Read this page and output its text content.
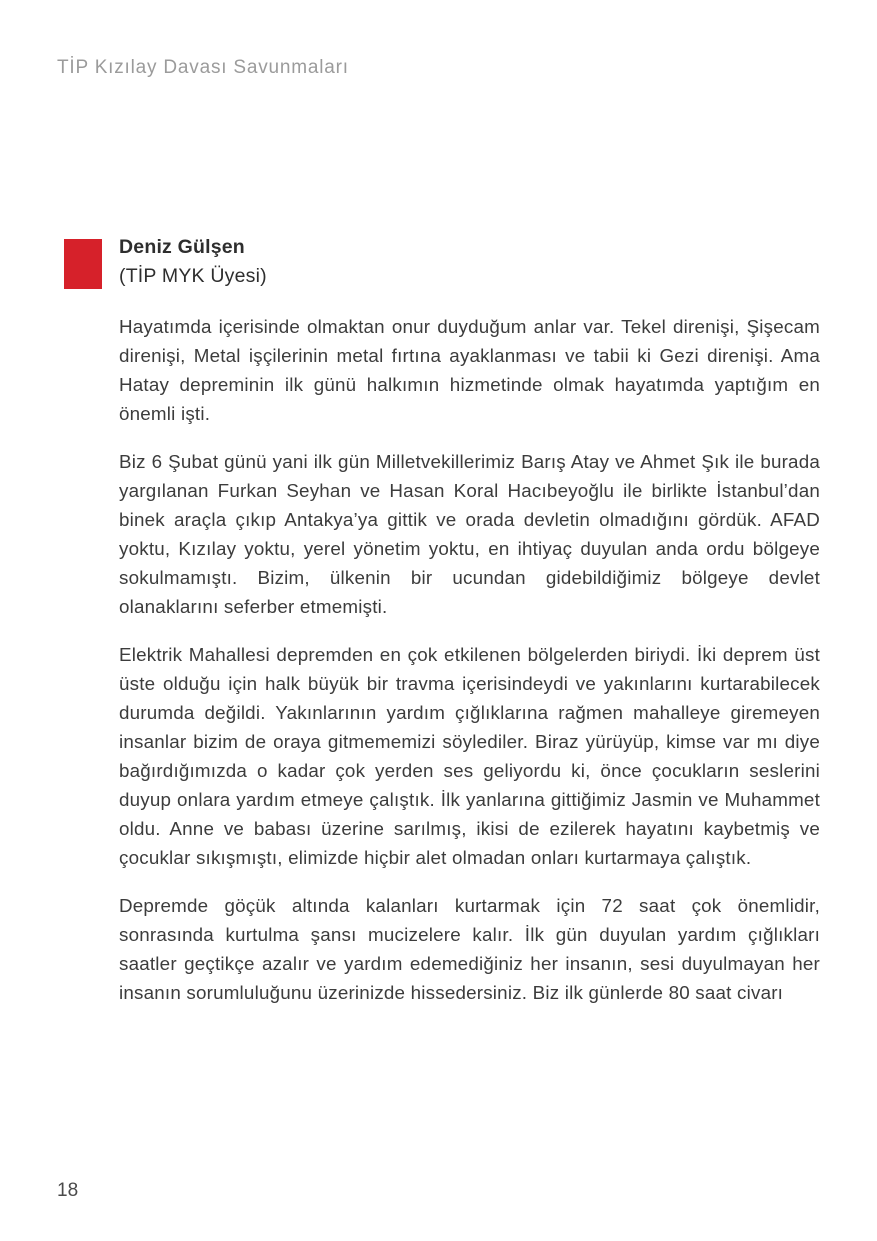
TİP Kızılay Davası Savunmaları

Deniz Gülşen

(TİP MYK Üyesi)

Hayatımda içerisinde olmaktan onur duyduğum anlar var. Tekel direnişi, Şişecam direnişi, Metal işçilerinin metal fırtına ayaklanması ve tabii ki Gezi direnişi. Ama Hatay depreminin ilk günü halkımın hizmetinde olmak hayatımda yaptığım en önemli işti.

Biz 6 Şubat günü yani ilk gün Milletvekillerimiz Barış Atay ve Ahmet Şık ile burada yargılanan Furkan Seyhan ve Hasan Koral Hacıbeyoğlu ile birlikte İstanbul’dan binek araçla çıkıp Antakya’ya gittik ve orada devletin olmadığını gördük. AFAD yoktu, Kızılay yoktu, yerel yönetim yoktu, en ihtiyaç duyulan anda ordu bölgeye sokulmamıştı. Bizim, ülkenin bir ucundan gidebildiğimiz bölgeye devlet olanaklarını seferber etmemişti.

Elektrik Mahallesi depremden en çok etkilenen bölgelerden biriydi. İki deprem üst üste olduğu için halk büyük bir travma içerisindeydi ve yakınlarını kurtarabilecek durumda değildi. Yakınlarının yardım çığlıklarına rağmen mahalleye giremeyen insanlar bizim de oraya gitmememizi söylediler. Biraz yürüyüp, kimse var mı diye bağırdığımızda o kadar çok yerden ses geliyordu ki, önce çocukların seslerini duyup onlara yardım etmeye çalıştık. İlk yanlarına gittiğimiz Jasmin ve Muhammet oldu. Anne ve babası üzerine sarılmış, ikisi de ezilerek hayatını kaybetmiş ve çocuklar sıkışmıştı, elimizde hiçbir alet olmadan onları kurtarmaya çalıştık.

Depremde göçük altında kalanları kurtarmak için 72 saat çok önemlidir, sonrasında kurtulma şansı mucizelere kalır. İlk gün duyulan yardım çığlıkları saatler geçtikçe azalır ve yardım edemediğiniz her insanın, sesi duyulmayan her insanın sorumluluğunu üzerinizde hissedersiniz. Biz ilk günlerde 80 saat civarı

18
